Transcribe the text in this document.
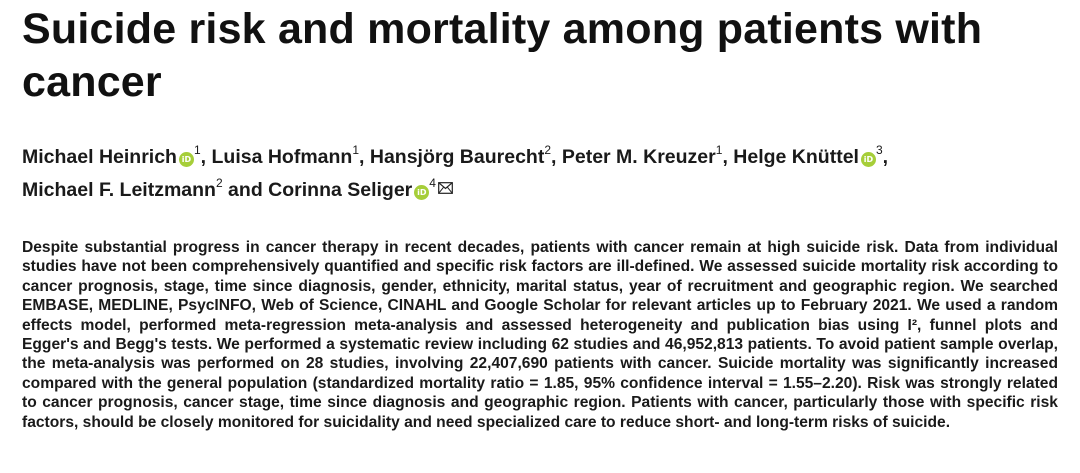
Suicide risk and mortality among patients with cancer
Michael Heinrich $iD^1$, Luisa Hofmann$^1$, Hansjörg Baurecht$^2$, Peter M. Kreuzer$^1$, Helge Knüttel $iD^3$,
Michael F. Leitzmann$^2$ and Corinna Seliger $iD^4$

Despite substantial progress in cancer therapy in recent decades, patients with cancer remain at high suicide risk. Data from individual studies have not been comprehensively quantified and specific risk factors are ill-defined. We assessed suicide mortality risk according to cancer prognosis, stage, time since diagnosis, gender, ethnicity, marital status, year of recruitment and geographic region. We searched EMBASE, MEDLINE, PsycINFO, Web of Science, CINAHL and Google Scholar for relevant articles up to February 2021. We used a random effects model, performed meta-regression meta-analysis and assessed heterogeneity and publication bias using I², funnel plots and Egger's and Begg's tests. We performed a systematic review including 62 studies and 46,952,813 patients. To avoid patient sample overlap, the meta-analysis was performed on 28 studies, involving 22,407,690 patients with cancer. Suicide mortality was significantly increased compared with the general population (standardized mortality ratio = 1.85, 95% confidence interval = 1.55–2.20). Risk was strongly related to cancer prognosis, cancer stage, time since diagnosis and geographic region. Patients with cancer, particularly those with specific risk factors, should be closely monitored for suicidality and need specialized care to reduce short- and long-term risks of suicide.
